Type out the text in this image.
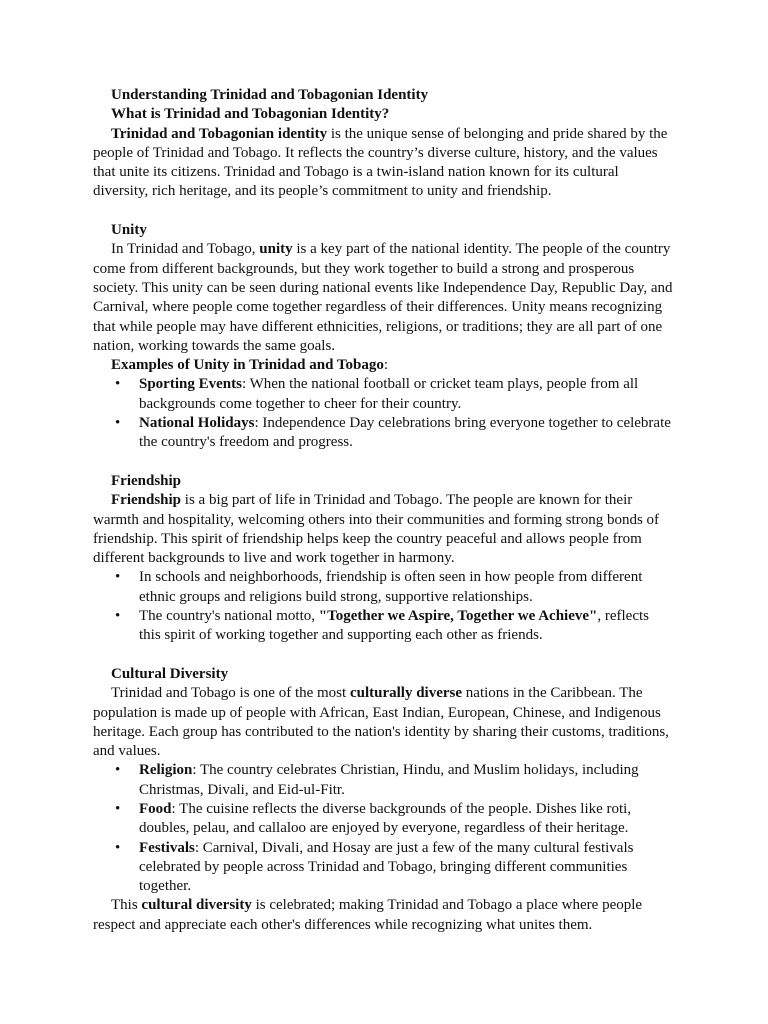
Understanding Trinidad and Tobagonian Identity

What is Trinidad and Tobagonian Identity?

Trinidad and Tobagonian identity is the unique sense of belonging and pride shared by the people of Trinidad and Tobago. It reflects the country’s diverse culture, history, and the values that unite its citizens. Trinidad and Tobago is a twin-island nation known for its cultural diversity, rich heritage, and its people’s commitment to unity and friendship.

Unity

In Trinidad and Tobago, unity is a key part of the national identity. The people of the country come from different backgrounds, but they work together to build a strong and prosperous society. This unity can be seen during national events like Independence Day, Republic Day, and Carnival, where people come together regardless of their differences. Unity means recognizing that while people may have different ethnicities, religions, or traditions; they are all part of one nation, working towards the same goals.

Examples of Unity in Trinidad and Tobago:

• Sporting Events: When the national football or cricket team plays, people from all backgrounds come together to cheer for their country.
• National Holidays: Independence Day celebrations bring everyone together to celebrate the country's freedom and progress.

Friendship

Friendship is a big part of life in Trinidad and Tobago. The people are known for their warmth and hospitality, welcoming others into their communities and forming strong bonds of friendship. This spirit of friendship helps keep the country peaceful and allows people from different backgrounds to live and work together in harmony.

• In schools and neighborhoods, friendship is often seen in how people from different ethnic groups and religions build strong, supportive relationships.
• The country's national motto, "Together we Aspire, Together we Achieve", reflects this spirit of working together and supporting each other as friends.

Cultural Diversity

Trinidad and Tobago is one of the most culturally diverse nations in the Caribbean. The population is made up of people with African, East Indian, European, Chinese, and Indigenous heritage. Each group has contributed to the nation's identity by sharing their customs, traditions, and values.

• Religion: The country celebrates Christian, Hindu, and Muslim holidays, including Christmas, Divali, and Eid-ul-Fitr.
• Food: The cuisine reflects the diverse backgrounds of the people. Dishes like roti, doubles, pelau, and callaloo are enjoyed by everyone, regardless of their heritage.
• Festivals: Carnival, Divali, and Hosay are just a few of the many cultural festivals celebrated by people across Trinidad and Tobago, bringing different communities together.

This cultural diversity is celebrated; making Trinidad and Tobago a place where people respect and appreciate each other's differences while recognizing what unites them.
